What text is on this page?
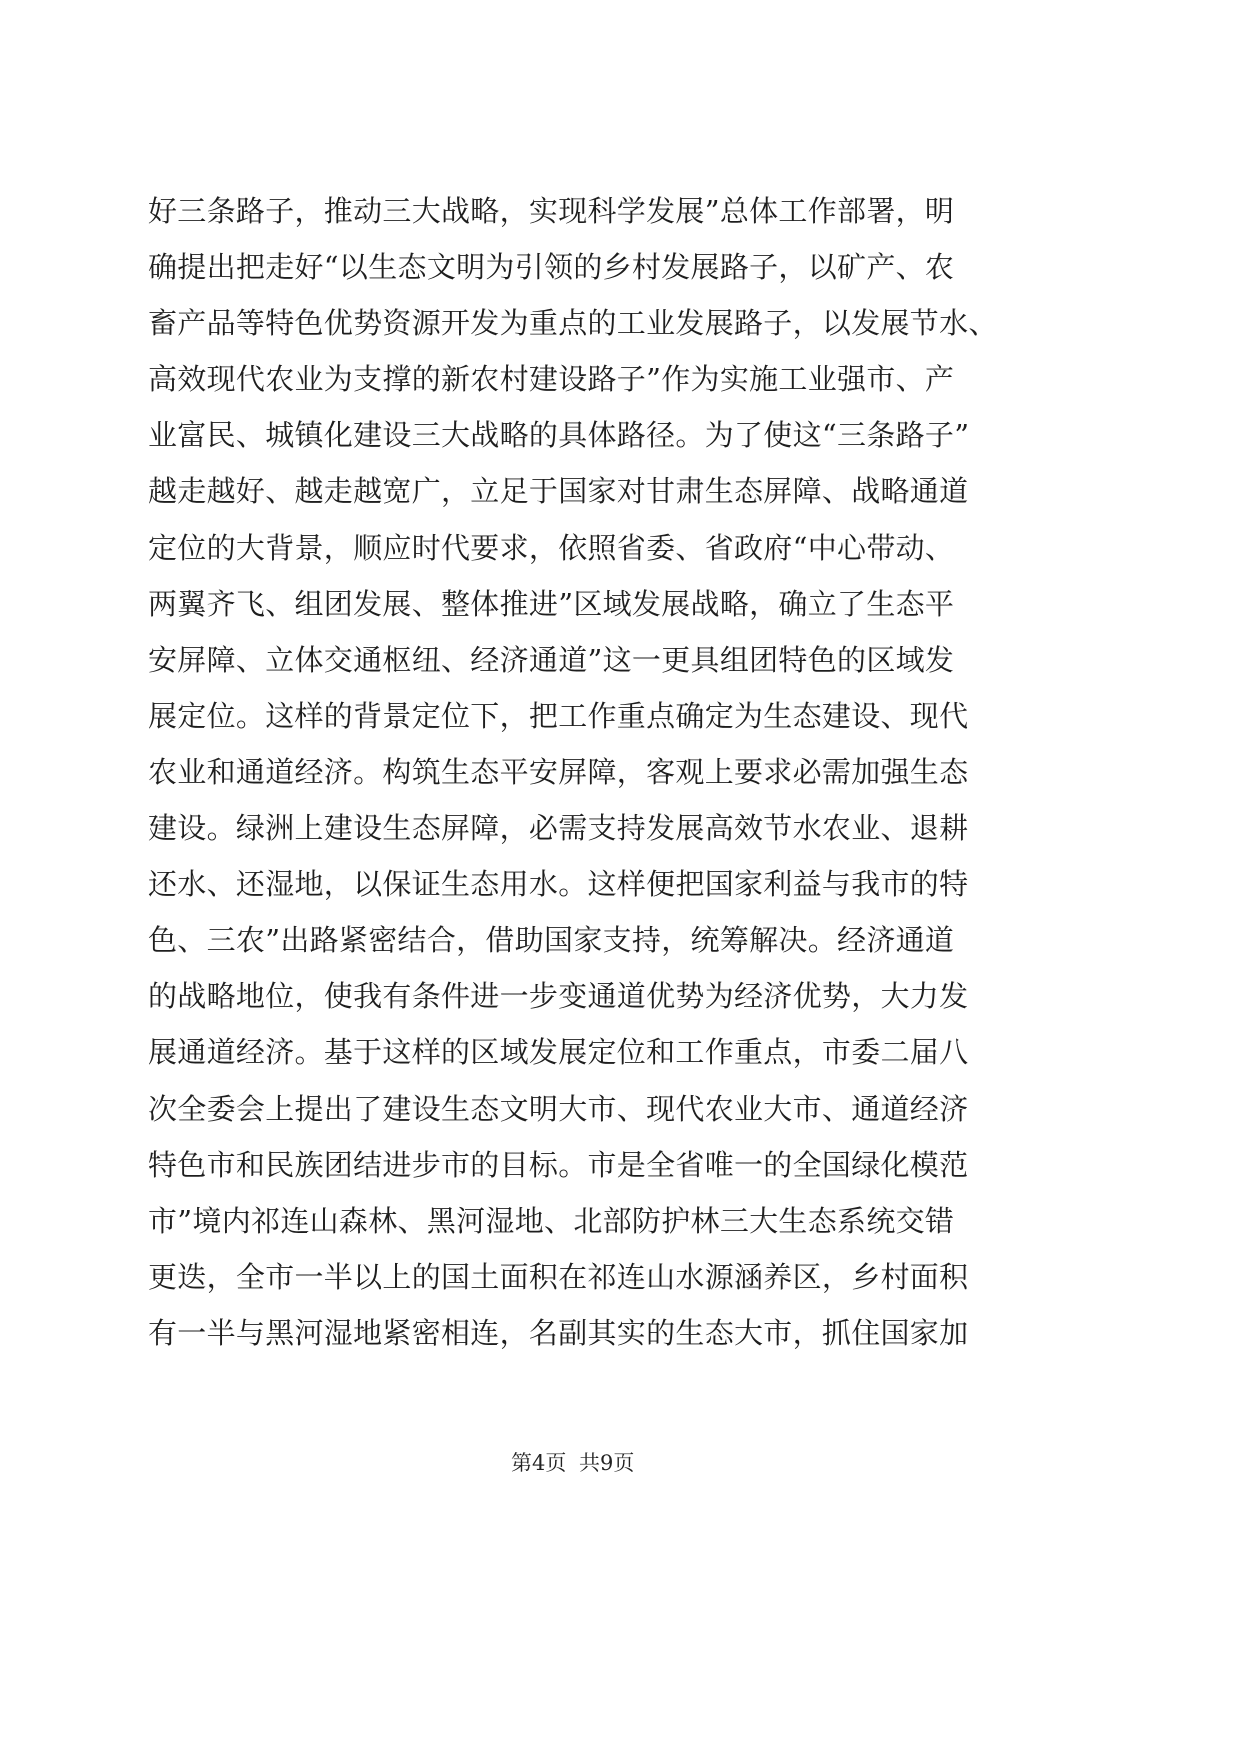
好三条路子，推动三大战略，实现科学发展”总体工作部署，明
确提出把走好“以生态文明为引领的乡村发展路子，以矿产、农
畜产品等特色优势资源开发为重点的工业发展路子，以发展节水、
高效现代农业为支撑的新农村建设路子”作为实施工业强市、产
业富民、城镇化建设三大战略的具体路径。为了使这“三条路子”
越走越好、越走越宽广，立足于国家对甘肃生态屏障、战略通道
定位的大背景，顺应时代要求，依照省委、省政府“中心带动、
两翼齐飞、组团发展、整体推进”区域发展战略，确立了生态平
安屏障、立体交通枢纽、经济通道”这一更具组团特色的区域发
展定位。这样的背景定位下，把工作重点确定为生态建设、现代
农业和通道经济。构筑生态平安屏障，客观上要求必需加强生态
建设。绿洲上建设生态屏障，必需支持发展高效节水农业、退耕
还水、还湿地，以保证生态用水。这样便把国家利益与我市的特
色、三农”出路紧密结合，借助国家支持，统筹解决。经济通道
的战略地位，使我有条件进一步变通道优势为经济优势，大力发
展通道经济。基于这样的区域发展定位和工作重点，市委二届八
次全委会上提出了建设生态文明大市、现代农业大市、通道经济
特色市和民族团结进步市的目标。市是全省唯一的全国绿化模范
市”境内祁连山森林、黑河湿地、北部防护林三大生态系统交错
更迭，全市一半以上的国土面积在祁连山水源涵养区，乡村面积
有一半与黑河湿地紧密相连，名副其实的生态大市，抓住国家加
第4页 共9页
